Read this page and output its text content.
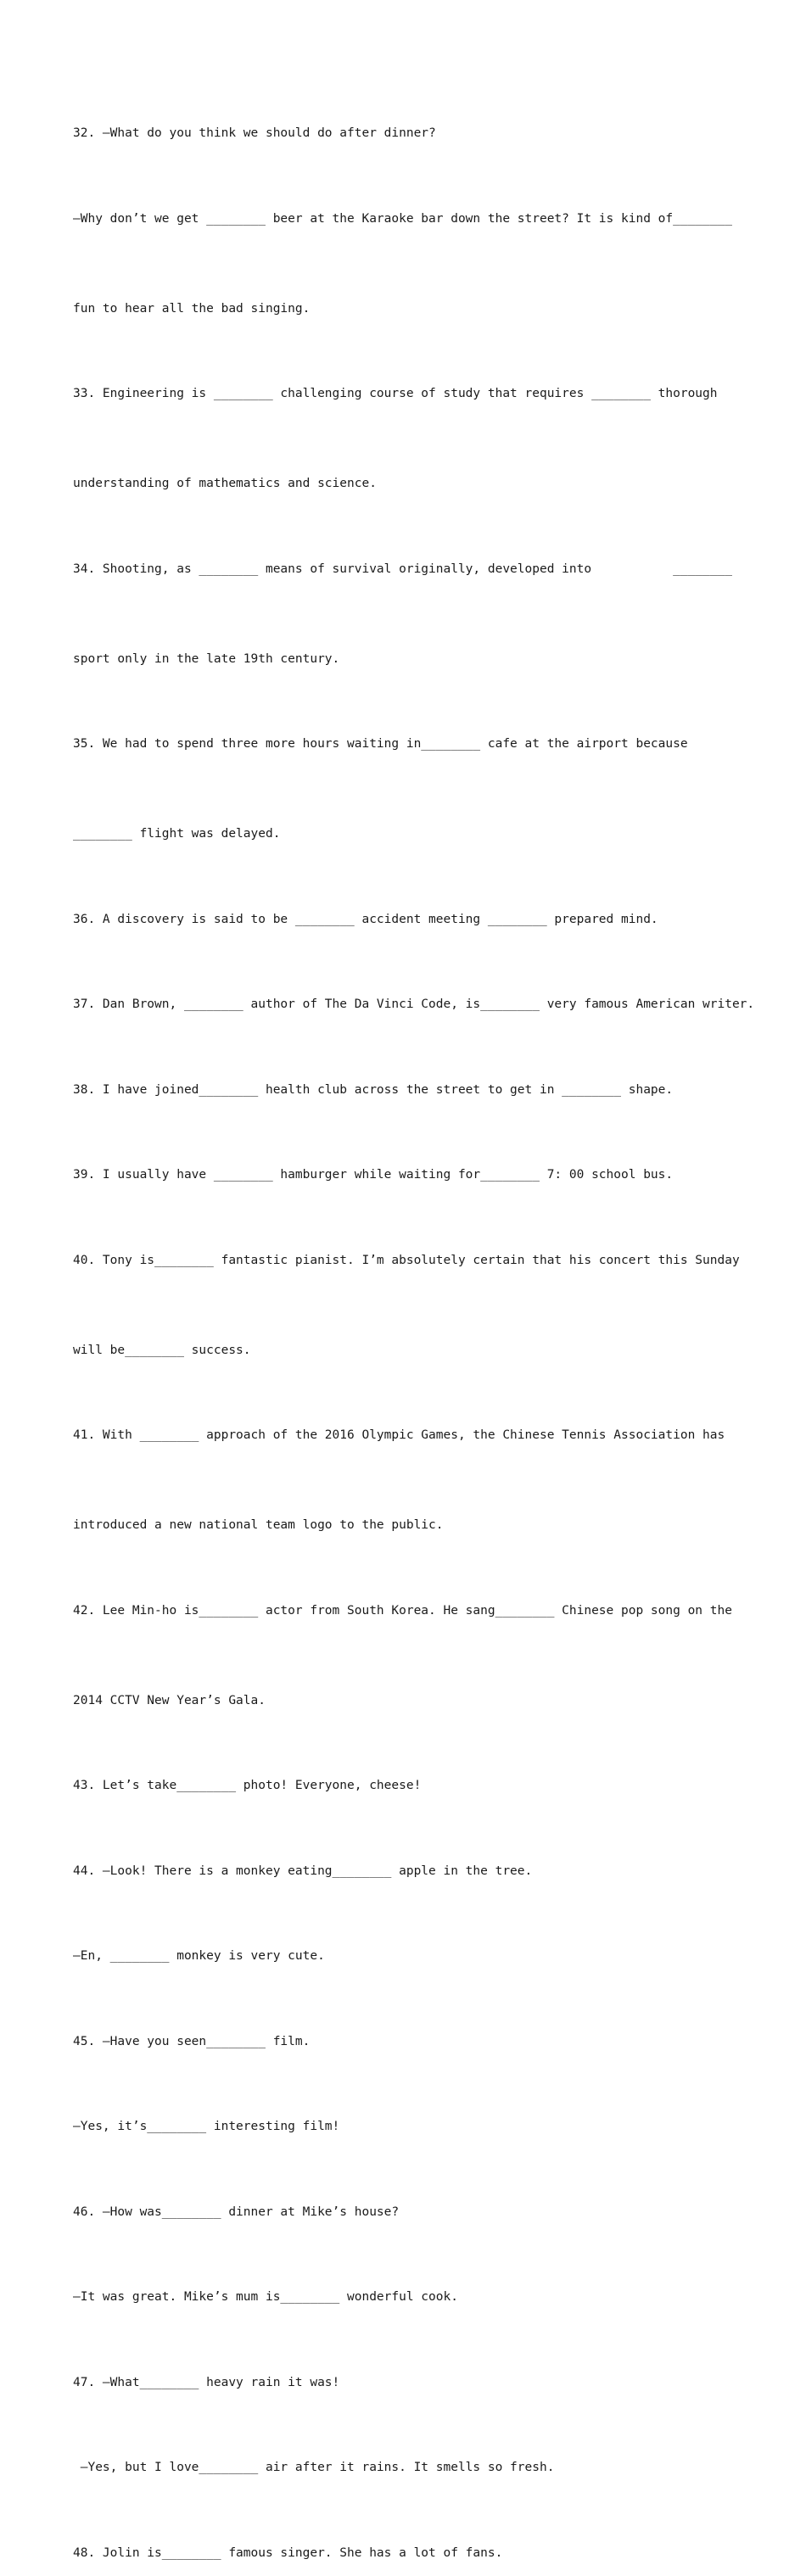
32. —What do you think we should do after dinner?

—Why don’t we get ________ beer at the Karaoke bar down the street? It is kind of________

fun to hear all the bad singing.

33. Engineering is ________ challenging course of study that requires ________ thorough

understanding of mathematics and science.

34. Shooting, as ________ means of survival originally, developed into           ________

sport only in the late 19th century.

35. We had to spend three more hours waiting in________ cafe at the airport because

________ flight was delayed.

36. A discovery is said to be ________ accident meeting ________ prepared mind.

37. Dan Brown, ________ author of The Da Vinci Code, is________ very famous American writer.

38. I have joined________ health club across the street to get in ________ shape.

39. I usually have ________ hamburger while waiting for________ 7: 00 school bus.

40. Tony is________ fantastic pianist. I’m absolutely certain that his concert this Sunday

will be________ success.

41. With ________ approach of the 2016 Olympic Games, the Chinese Tennis Association has

introduced a new national team logo to the public.

42. Lee Min-ho is________ actor from South Korea. He sang________ Chinese pop song on the

2014 CCTV New Year’s Gala.

43. Let’s take________ photo! Everyone, cheese!

44. —Look! There is a monkey eating________ apple in the tree.

—En, ________ monkey is very cute.

45. —Have you seen________ film.

—Yes, it’s________ interesting film!

46. —How was________ dinner at Mike’s house?

—It was great. Mike’s mum is________ wonderful cook.

47. —What________ heavy rain it was!

—Yes, but I love________ air after it rains. It smells so fresh.

48. Jolin is________ famous singer. She has a lot of fans.
